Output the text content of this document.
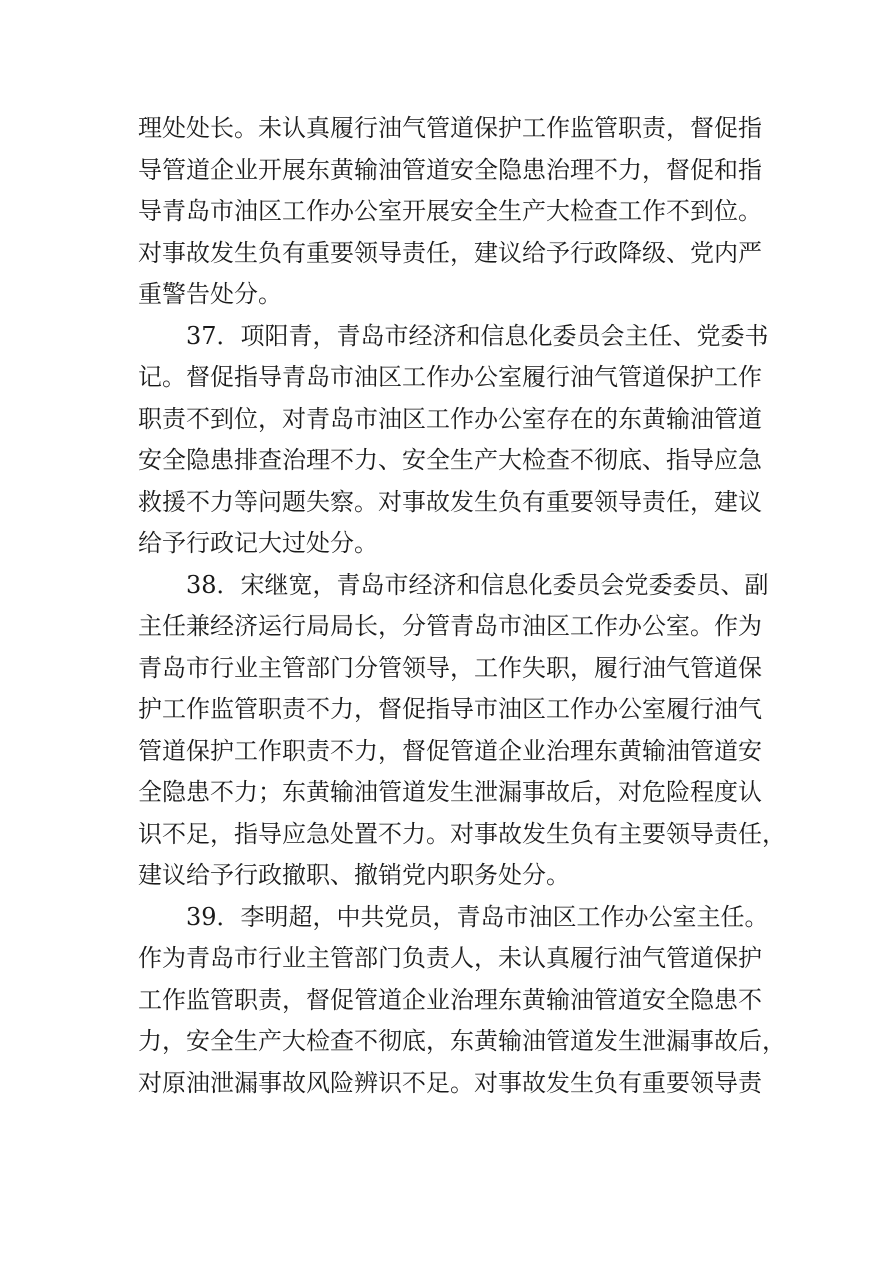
理处处长。未认真履行油气管道保护工作监管职责，督促指
导管道企业开展东黄输油管道安全隐患治理不力，督促和指
导青岛市油区工作办公室开展安全生产大检查工作不到位。
对事故发生负有重要领导责任，建议给予行政降级、党内严
重警告处分。
37．项阳青，青岛市经济和信息化委员会主任、党委书
记。督促指导青岛市油区工作办公室履行油气管道保护工作
职责不到位，对青岛市油区工作办公室存在的东黄输油管道
安全隐患排查治理不力、安全生产大检查不彻底、指导应急
救援不力等问题失察。对事故发生负有重要领导责任，建议
给予行政记大过处分。
38．宋继宽，青岛市经济和信息化委员会党委委员、副
主任兼经济运行局局长，分管青岛市油区工作办公室。作为
青岛市行业主管部门分管领导，工作失职，履行油气管道保
护工作监管职责不力，督促指导市油区工作办公室履行油气
管道保护工作职责不力，督促管道企业治理东黄输油管道安
全隐患不力；东黄输油管道发生泄漏事故后，对危险程度认
识不足，指导应急处置不力。对事故发生负有主要领导责任，
建议给予行政撤职、撤销党内职务处分。
39．李明超，中共党员，青岛市油区工作办公室主任。
作为青岛市行业主管部门负责人，未认真履行油气管道保护
工作监管职责，督促管道企业治理东黄输油管道安全隐患不
力，安全生产大检查不彻底，东黄输油管道发生泄漏事故后，
对原油泄漏事故风险辨识不足。对事故发生负有重要领导责
